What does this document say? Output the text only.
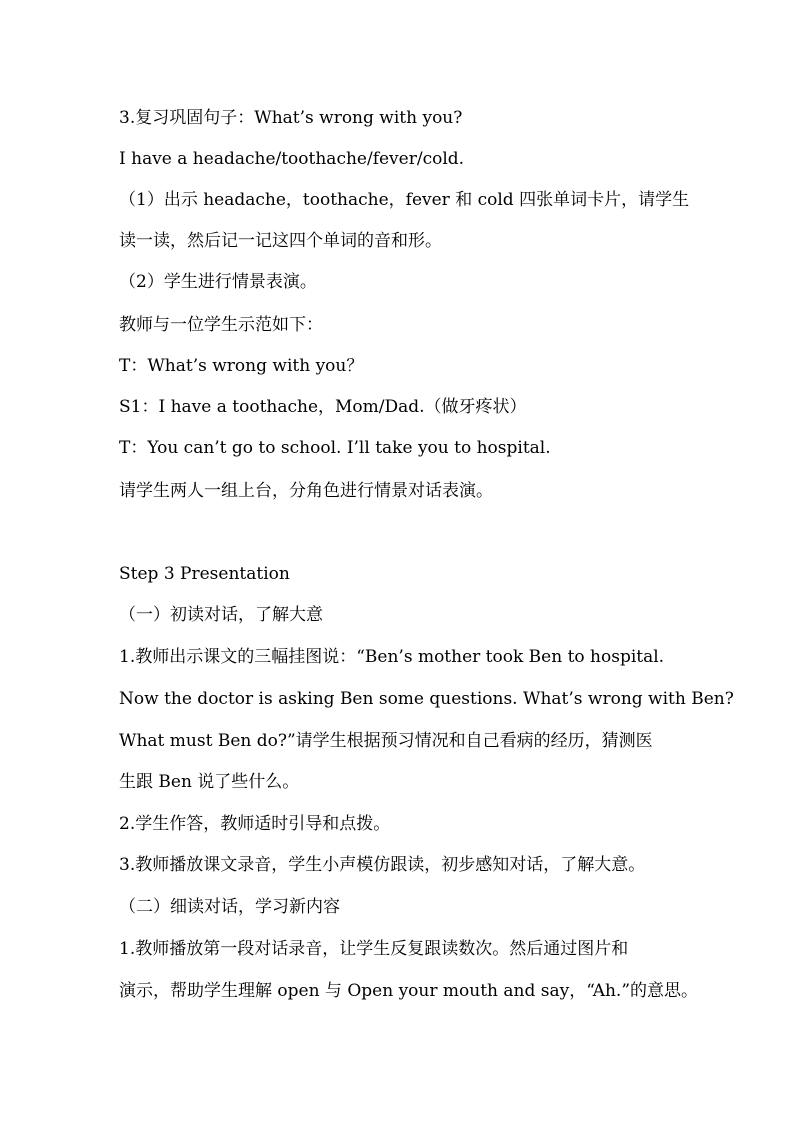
3.复习巩固句子：What’s wrong with you?
I have a headache/toothache/fever/cold.
（1）出示 headache，toothache，fever 和 cold 四张单词卡片，请学生
读一读，然后记一记这四个单词的音和形。
（2）学生进行情景表演。
教师与一位学生示范如下：
T：What’s wrong with you？
S1：I have a toothache，Mom/Dad.（做牙疼状）
T：You can’t go to school. I’ll take you to hospital.
请学生两人一组上台，分角色进行情景对话表演。
Step 3 Presentation
（一）初读对话，了解大意
1.教师出示课文的三幅挂图说：“Ben’s mother took Ben to hospital.
Now the doctor is asking Ben some questions. What’s wrong with Ben?
What must Ben do?”请学生根据预习情况和自己看病的经历，猜测医
生跟 Ben 说了些什么。
2.学生作答，教师适时引导和点拨。
3.教师播放课文录音，学生小声模仿跟读，初步感知对话，了解大意。
（二）细读对话，学习新内容
1.教师播放第一段对话录音，让学生反复跟读数次。然后通过图片和
演示，帮助学生理解 open 与 Open your mouth and say，“Ah.”的意思。
